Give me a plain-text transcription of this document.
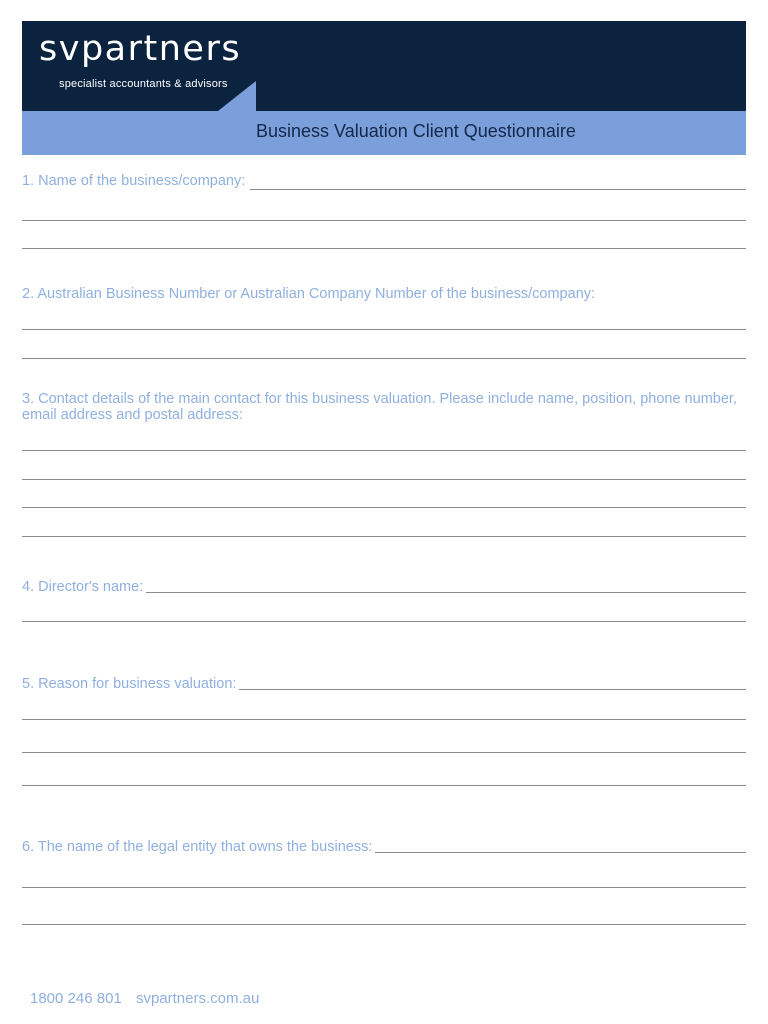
svpartners
specialist accountants & advisors
Business Valuation Client Questionnaire
1. Name of the business/company:
2. Australian Business Number or Australian Company Number of the business/company:
3. Contact details of the main contact for this business valuation. Please include name, position, phone number, email address and postal address:
4. Director's name:
5. Reason for business valuation:
6. The name of the legal entity that owns the business:
1800 246 801 svpartners.com.au
